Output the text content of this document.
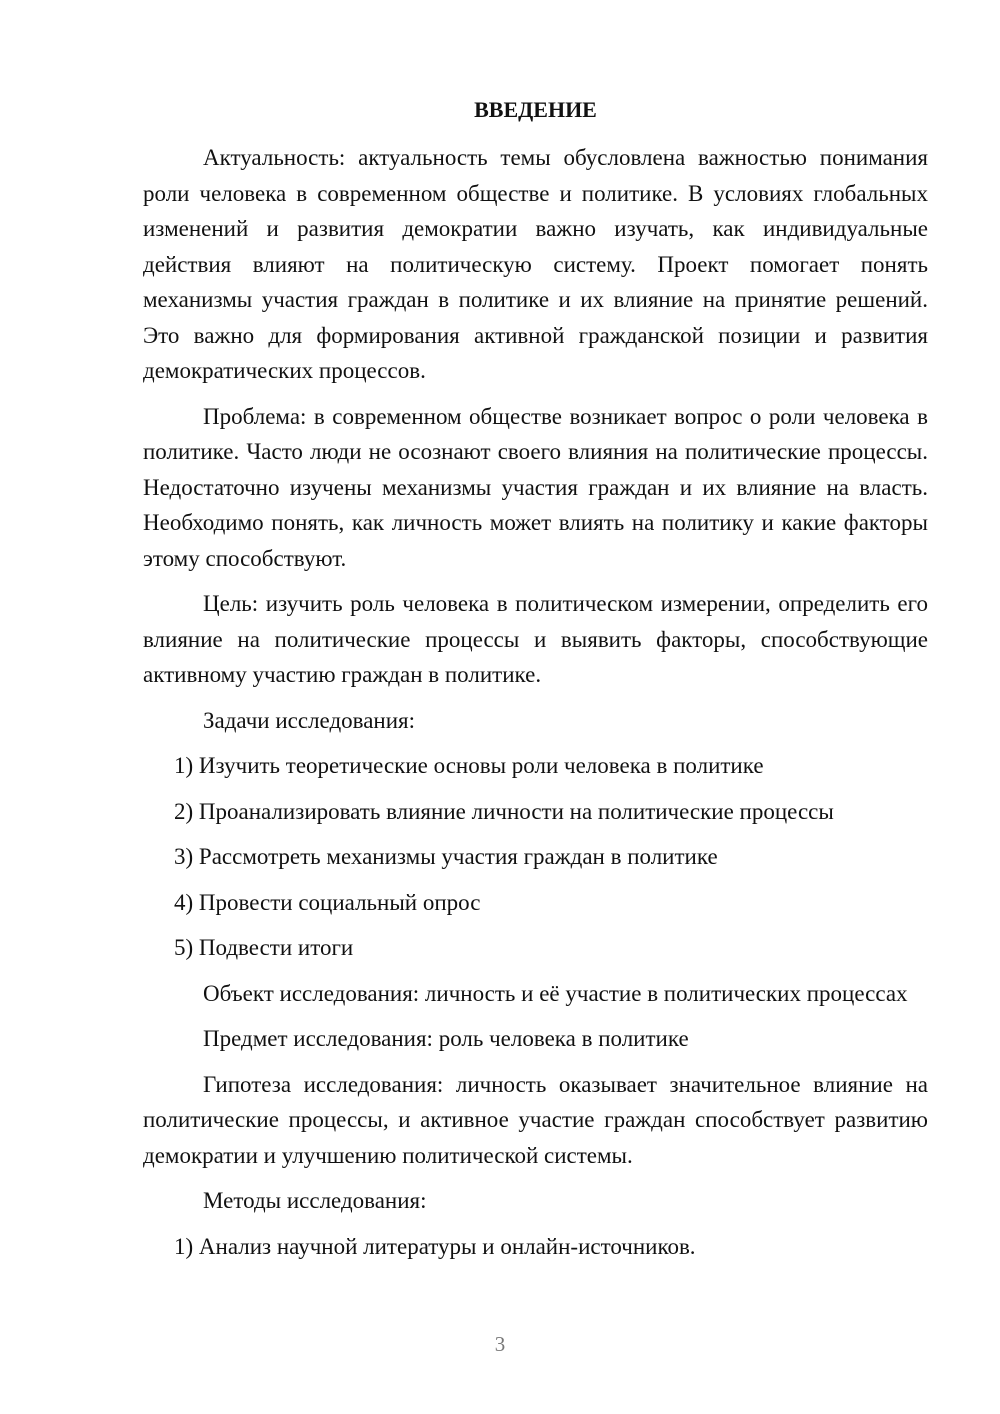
ВВЕДЕНИЕ
Актуальность: актуальность темы обусловлена важностью понимания роли человека в современном обществе и политике. В условиях глобальных изменений и развития демократии важно изучать, как индивидуальные действия влияют на политическую систему. Проект помогает понять механизмы участия граждан в политике и их влияние на принятие решений. Это важно для формирования активной гражданской позиции и развития демократических процессов.
Проблема: в современном обществе возникает вопрос о роли человека в политике. Часто люди не осознают своего влияния на политические процессы. Недостаточно изучены механизмы участия граждан и их влияние на власть. Необходимо понять, как личность может влиять на политику и какие факторы этому способствуют.
Цель: изучить роль человека в политическом измерении, определить его влияние на политические процессы и выявить факторы, способствующие активному участию граждан в политике.
Задачи исследования:
1) Изучить теоретические основы роли человека в политике
2) Проанализировать влияние личности на политические процессы
3) Рассмотреть механизмы участия граждан в политике
4) Провести социальный опрос
5) Подвести итоги
Объект исследования: личность и её участие в политических процессах
Предмет исследования: роль человека в политике
Гипотеза исследования: личность оказывает значительное влияние на политические процессы, и активное участие граждан способствует развитию демократии и улучшению политической системы.
Методы исследования:
1) Анализ научной литературы и онлайн-источников.
3
